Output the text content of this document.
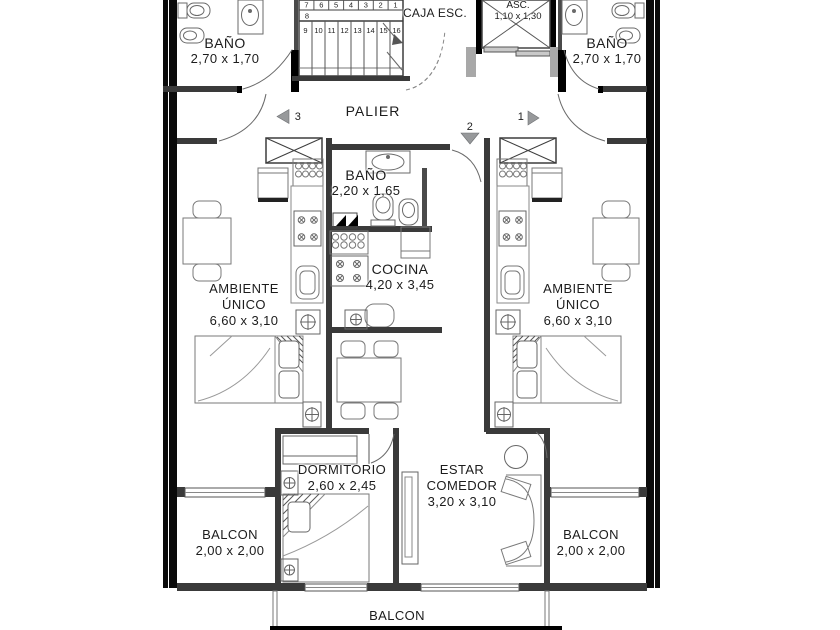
7 6 5 4 3 2 1
8
9 10 11 12 13 14 15 16
BAÑO
2,70 x 1,70
BAÑO
2,70 x 1,70
CAJA ESC.
ASC.
1,10 x 1,30
PALIER
BAÑO
2,20 x 1,65
COCINA
4,20 x 3,45
AMBIENTE
ÚNICO
6,60 x 3,10
AMBIENTE
ÚNICO
6,60 x 3,10
DORMITORIO
2,60 x 2,45
ESTAR
COMEDOR
3,20 x 3,10
BALCON
2,00 x 2,00
BALCON
2,00 x 2,00
BALCON
3	1
2
